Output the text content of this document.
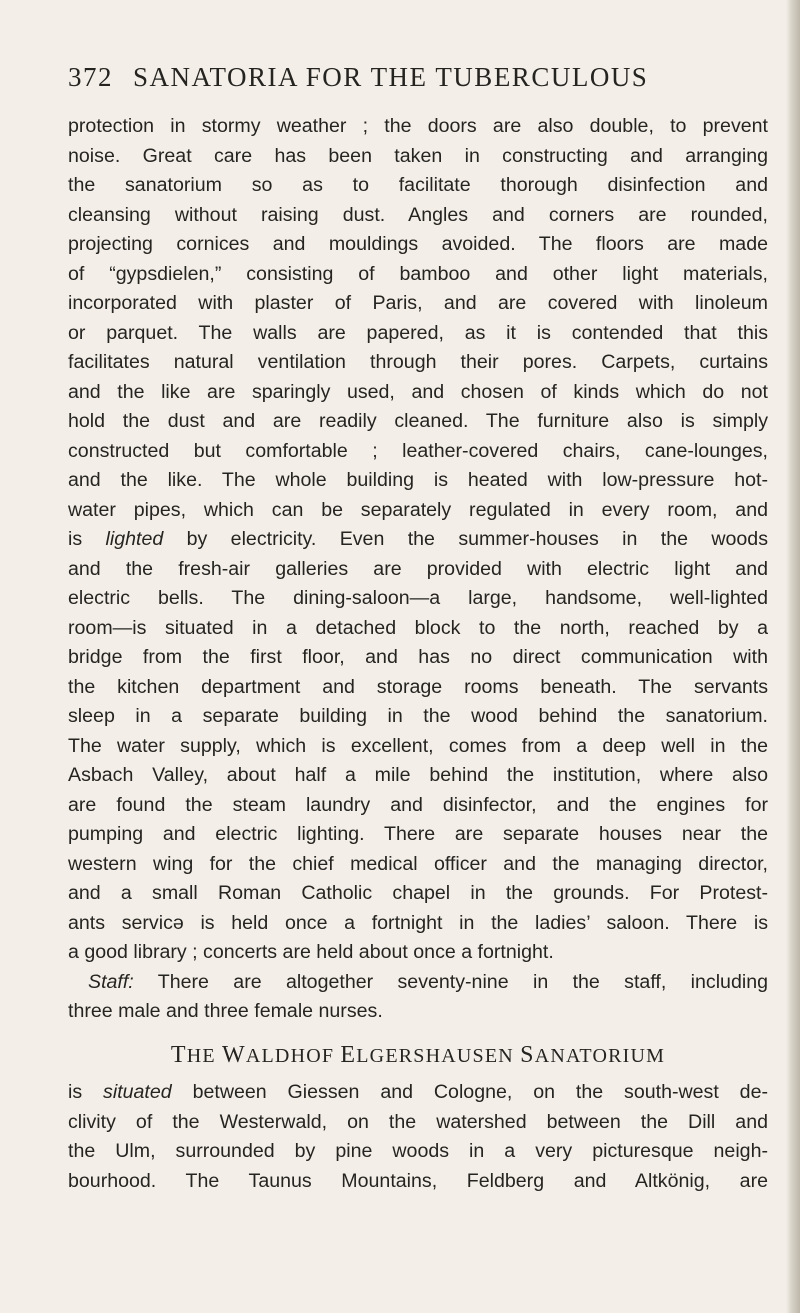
372 SANATORIA FOR THE TUBERCULOUS
protection in stormy weather ; the doors are also double, to prevent
noise. Great care has been taken in constructing and arranging
the sanatorium so as to facilitate thorough disinfection and
cleansing without raising dust. Angles and corners are rounded,
projecting cornices and mouldings avoided. The floors are made
of “gypsdielen,” consisting of bamboo and other light materials,
incorporated with plaster of Paris, and are covered with linoleum
or parquet. The walls are papered, as it is contended that this
facilitates natural ventilation through their pores. Carpets, curtains
and the like are sparingly used, and chosen of kinds which do not
hold the dust and are readily cleaned. The furniture also is simply
constructed but comfortable ; leather-covered chairs, cane-lounges,
and the like. The whole building is heated with low-pressure hot-
water pipes, which can be separately regulated in every room, and
is lighted by electricity. Even the summer-houses in the woods
and the fresh-air galleries are provided with electric light and
electric bells. The dining-saloon—a large, handsome, well-lighted
room—is situated in a detached block to the north, reached by a
bridge from the first floor, and has no direct communication with
the kitchen department and storage rooms beneath. The servants
sleep in a separate building in the wood behind the sanatorium.
The water supply, which is excellent, comes from a deep well in the
Asbach Valley, about half a mile behind the institution, where also
are found the steam laundry and disinfector, and the engines for
pumping and electric lighting. There are separate houses near the
western wing for the chief medical officer and the managing director,
and a small Roman Catholic chapel in the grounds. For Protest-
ants servicə is held once a fortnight in the ladies’ saloon. There is
a good library ; concerts are held about once a fortnight.
Staff: There are altogether seventy-nine in the staff, including
three male and three female nurses.
THE WALDHOF ELGERSHAUSEN SANATORIUM
is situated between Giessen and Cologne, on the south-west de-
clivity of the Westerwald, on the watershed between the Dill and
the Ulm, surrounded by pine woods in a very picturesque neigh-
bourhood. The Taunus Mountains, Feldberg and Altkönig, are
